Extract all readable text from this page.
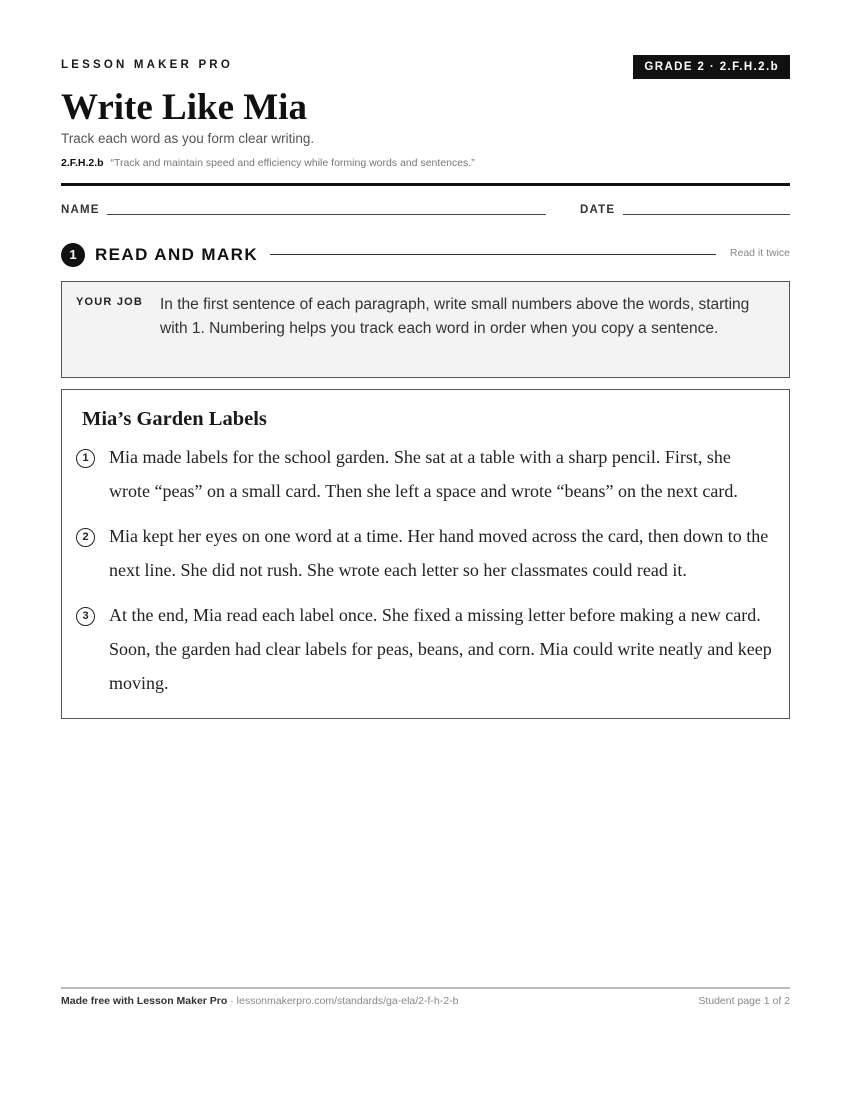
LESSON MAKER PRO	GRADE 2 · 2.F.H.2.b
Write Like Mia
Track each word as you form clear writing.
2.F.H.2.b “Track and maintain speed and efficiency while forming words and sentences.”
NAME	DATE
1	READ AND MARK	Read it twice
YOUR JOB In the first sentence of each paragraph, write small numbers above the words, starting with 1. Numbering helps you track each word in order when you copy a sentence.
Mia’s Garden Labels
1	Mia made labels for the school garden. She sat at a table with a sharp pencil. First, she wrote “peas” on a small card. Then she left a space and wrote “beans” on the next card.
2	Mia kept her eyes on one word at a time. Her hand moved across the card, then down to the next line. She did not rush. She wrote each letter so her classmates could read it.
3	At the end, Mia read each label once. She fixed a missing letter before making a new card. Soon, the garden had clear labels for peas, beans, and corn. Mia could write neatly and keep moving.
Made free with Lesson Maker Pro · lessonmakerpro.com/standards/ga-ela/2-f-h-2-b	Student page 1 of 2
